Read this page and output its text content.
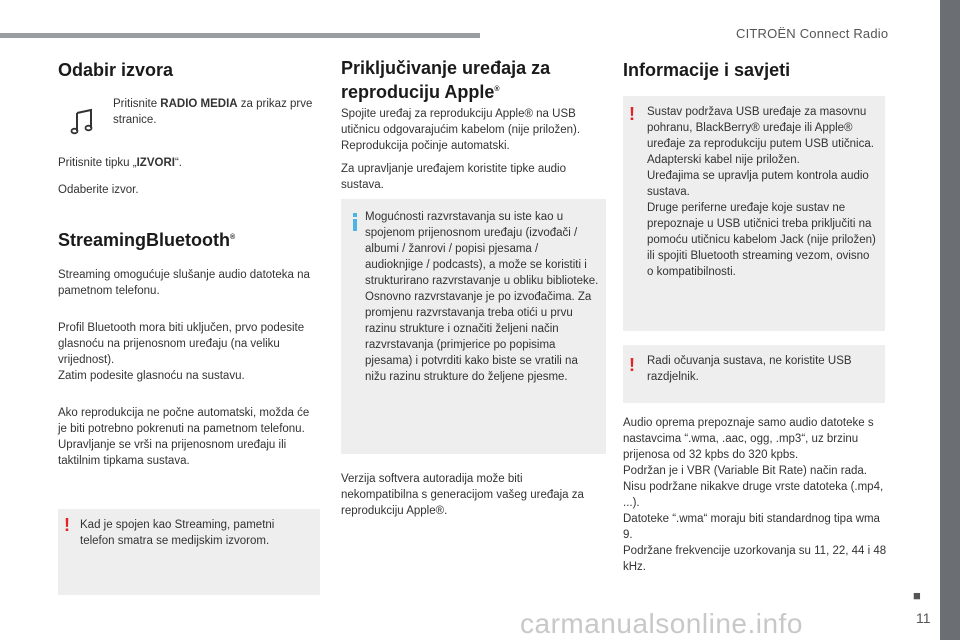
CITROËN Connect Radio
■
11
carmanualsonline.info
Odabir izvora

Pritisnite RADIO MEDIA za prikaz prve stranice.

Pritisnite tipku „IZVORI“.

Odaberite izvor.

StreamingBluetooth®

Streaming omogućuje slušanje audio datoteka na pametnom telefonu.

Profil Bluetooth mora biti uključen, prvo podesite glasnoću na prijenosnom uređaju (na veliku vrijednost).
Zatim podesite glasnoću na sustavu.

Ako reprodukcija ne počne automatski, možda će je biti potrebno pokrenuti na pametnom telefonu.
Upravljanje se vrši na prijenosnom uređaju ili taktilnim tipkama sustava.

! Kad je spojen kao Streaming, pametni telefon smatra se medijskim izvorom.

Priključivanje uređaja za
reproduciju Apple®

Spojite uređaj za reprodukciju Apple® na USB utičnicu odgovarajućim kabelom (nije priložen). Reprodukcija počinje automatski.

Za upravljanje uređajem koristite tipke audio sustava.

Mogućnosti razvrstavanja su iste kao u spojenom prijenosnom uređaju (izvođači / albumi / žanrovi / popisi pjesama / audioknjige / podcasts), a može se koristiti i strukturirano razvrstavanje u obliku biblioteke.
Osnovno razvrstavanje je po izvođačima. Za promjenu razvrstavanja treba otići u prvu razinu strukture i označiti željeni način razvrstavanja (primjerice po popisima pjesama) i potvrditi kako biste se vratili na nižu razinu strukture do željene pjesme.

Verzija softvera autoradija može biti nekompatibilna s generacijom vašeg uređaja za reprodukciju Apple®.

Informacije i savjeti
! Sustav podržava USB uređaje za masovnu pohranu, BlackBerry® uređaje ili Apple® uređaje za reprodukciju putem USB utičnica. Adapterski kabel nije priložen.
Uređajima se upravlja putem kontrola audio sustava.
Druge periferne uređaje koje sustav ne prepoznaje u USB utičnici treba priključiti na pomoću utičnicu kabelom Jack (nije priložen) ili spojiti Bluetooth streaming vezom, ovisno o kompatibilnosti.

! Radi očuvanja sustava, ne koristite USB razdjelnik.

Audio oprema prepoznaje samo audio datoteke s nastavcima “.wma, .aac, ogg, .mp3“, uz brzinu prijenosa od 32 kpbs do 320 kpbs.
Podržan je i VBR (Variable Bit Rate) način rada.
Nisu podržane nikakve druge vrste datoteka (.mp4, ...).
Datoteke “.wma“ moraju biti standardnog tipa wma 9.
Podržane frekvencije uzorkovanja su 11, 22, 44 i 48 kHz.
